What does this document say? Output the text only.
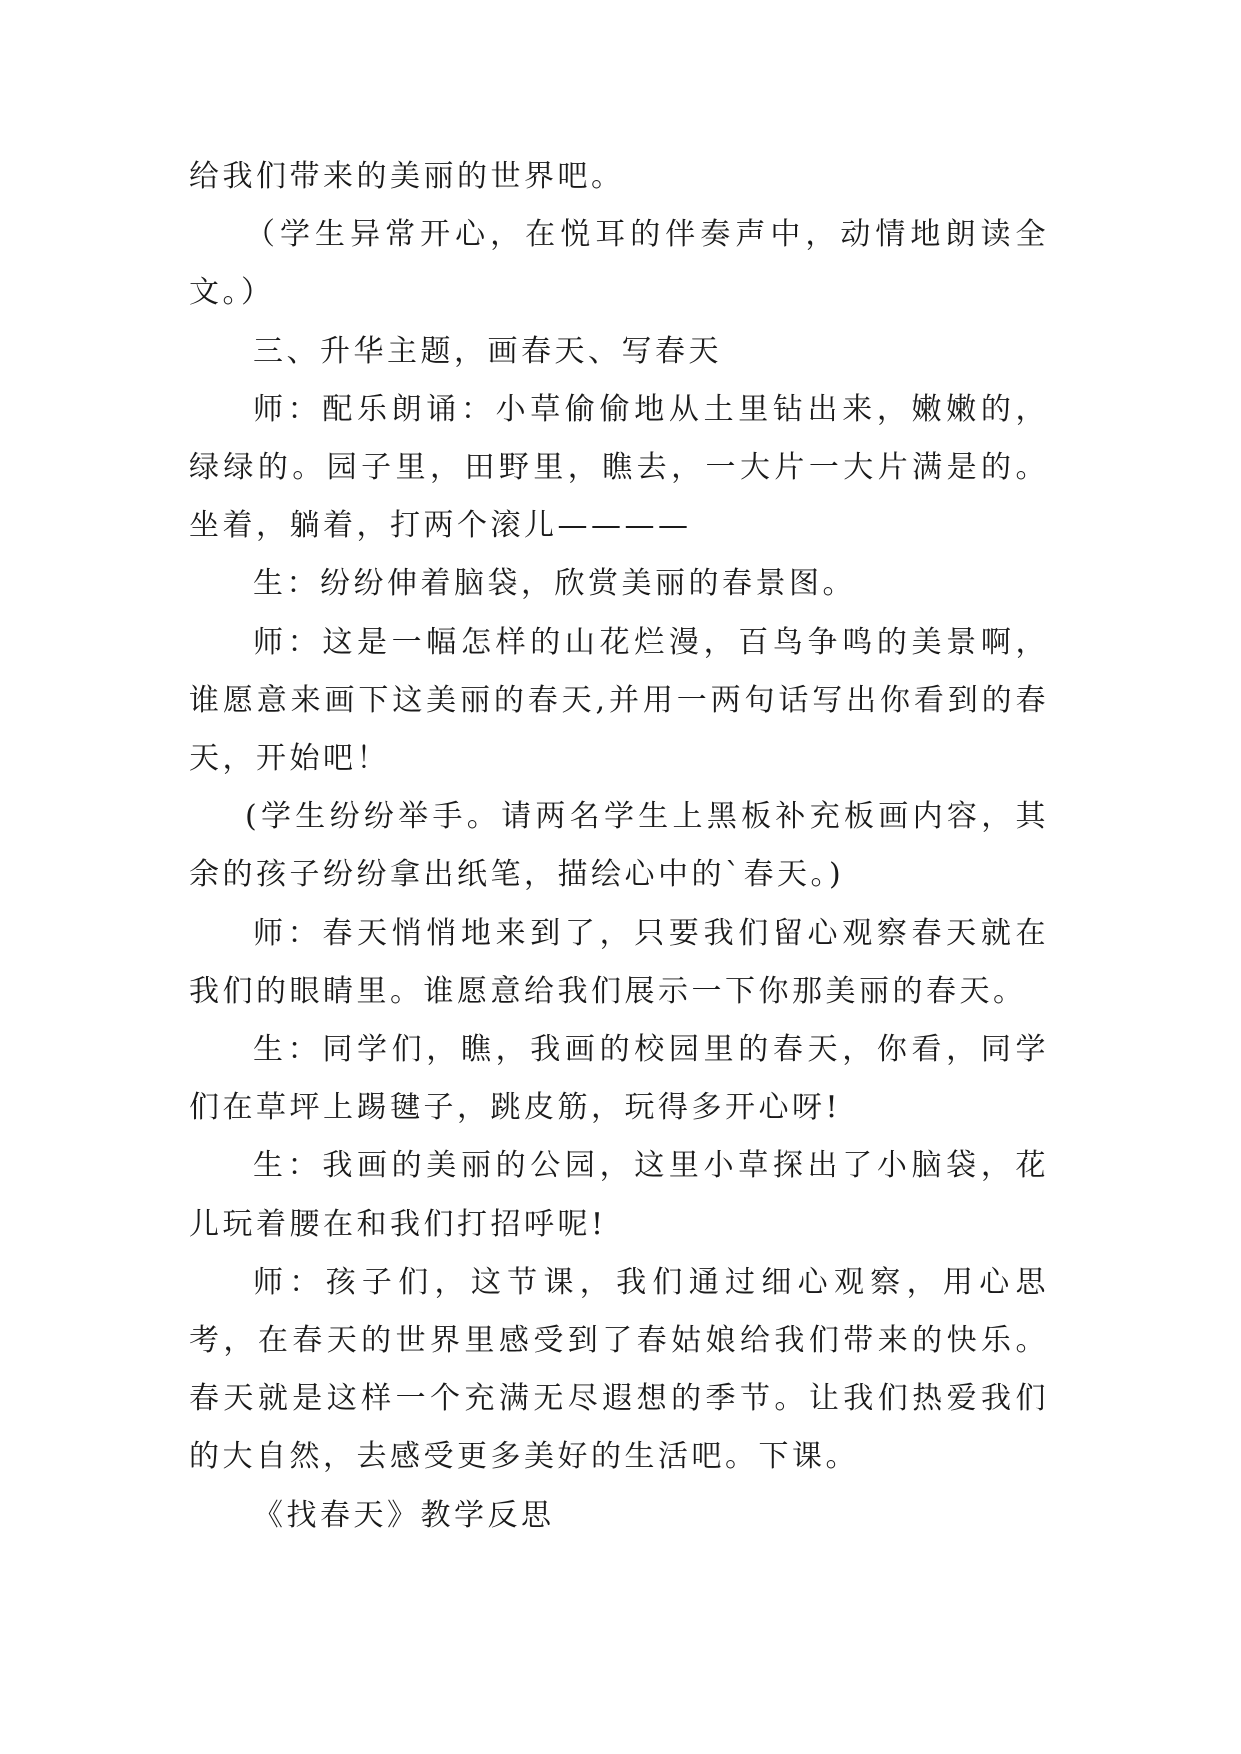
给我们带来的美丽的世界吧。

（学生异常开心，在悦耳的伴奏声中，动情地朗读全文。）

三、升华主题，画春天、写春天

师：配乐朗诵：小草偷偷地从土里钻出来，嫩嫩的，绿绿的。园子里，田野里，瞧去，一大片一大片满是的。坐着，躺着，打两个滚儿————

生：纷纷伸着脑袋，欣赏美丽的春景图。

师：这是一幅怎样的山花烂漫，百鸟争鸣的美景啊，谁愿意来画下这美丽的春天,并用一两句话写出你看到的春天，开始吧！

(学生纷纷举手。请两名学生上黑板补充板画内容，其余的孩子纷纷拿出纸笔，描绘心中的`春天。)

师：春天悄悄地来到了，只要我们留心观察春天就在我们的眼睛里。谁愿意给我们展示一下你那美丽的春天。

生：同学们，瞧，我画的校园里的春天，你看，同学们在草坪上踢毽子，跳皮筋，玩得多开心呀!

生：我画的美丽的公园，这里小草探出了小脑袋，花儿玩着腰在和我们打招呼呢!

师：孩子们，这节课，我们通过细心观察，用心思考，在春天的世界里感受到了春姑娘给我们带来的快乐。春天就是这样一个充满无尽遐想的季节。让我们热爱我们的大自然，去感受更多美好的生活吧。下课。

《找春天》教学反思
